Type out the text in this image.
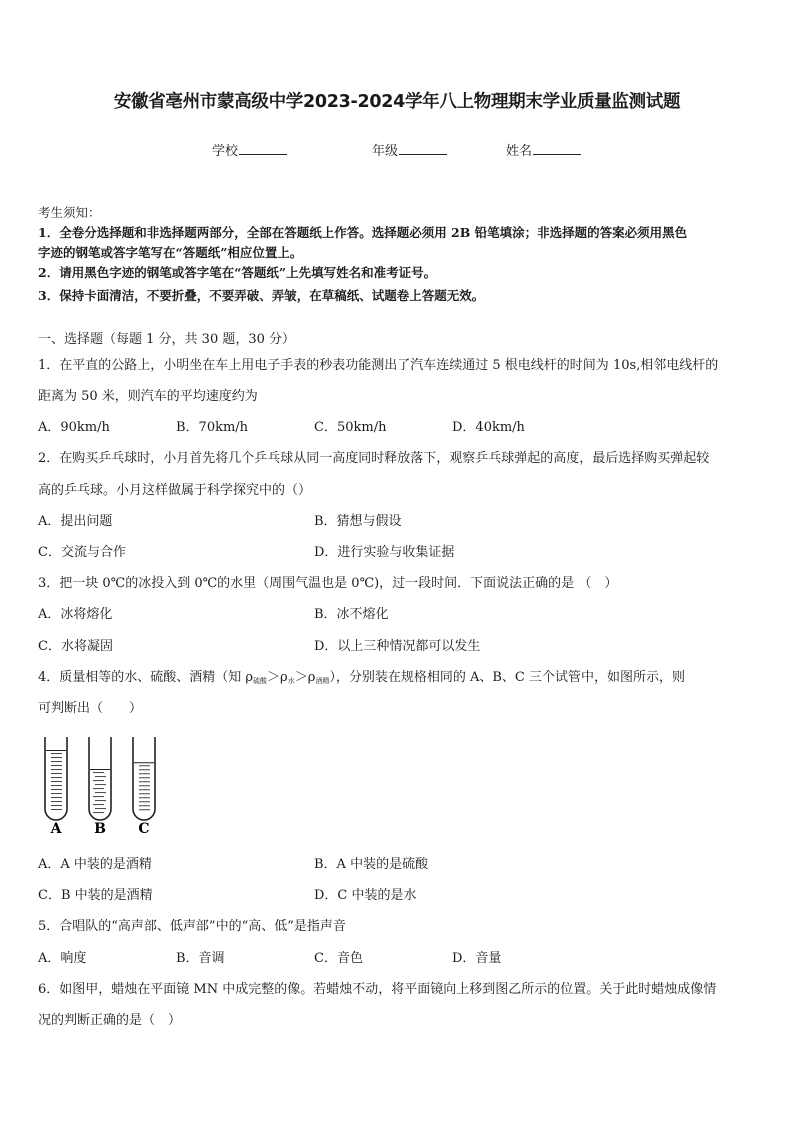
安徽省亳州市蒙高级中学2023-2024学年八上物理期末学业质量监测试题
学校	年级	姓名
考生须知：
1．全卷分选择题和非选择题两部分，全部在答题纸上作答。选择题必须用 2B 铅笔填涂；非选择题的答案必须用黑色
字迹的钢笔或答字笔写在“答题纸”相应位置上。
2．请用黑色字迹的钢笔或答字笔在“答题纸”上先填写姓名和准考证号。
3．保持卡面清洁，不要折叠，不要弄破、弄皱，在草稿纸、试题卷上答题无效。
一、选择题（每题 1 分，共 30 题，30 分）
1．在平直的公路上，小明坐在车上用电子手表的秒表功能测出了汽车连续通过 5 根电线杆的时间为 10s,相邻电线杆的
距离为 50 米，则汽车的平均速度约为
A．90km/h	B．70km/h	C．50km/h	D．40km/h
2．在购买乒乓球时，小月首先将几个乒乓球从同一高度同时释放落下，观察乒乓球弹起的高度，最后选择购买弹起较
高的乒乓球。小月这样做属于科学探究中的（）
A．提出问题	B．猜想与假设
C．交流与合作	D．进行实验与收集证据
3．把一块 0℃的冰投入到 0℃的水里（周围气温也是 0℃)，过一段时间．下面说法正确的是 （　）
A．冰将熔化	B．冰不熔化
C．水将凝固	D．以上三种情况都可以发生
4．质量相等的水、硫酸、酒精（知 $\rho_{硫酸}>\rho_水>\rho_{酒精}$），分别装在规格相同的 A、B、C 三个试管中，如图所示，则
可判断出（　　）
A B C
A．A 中装的是酒精	B．A 中装的是硫酸
C．B 中装的是酒精	D．C 中装的是水
5．合唱队的“高声部、低声部”中的“高、低”是指声音
A．响度	B．音调	C．音色	D．音量
6．如图甲，蜡烛在平面镜 MN 中成完整的像。若蜡烛不动，将平面镜向上移到图乙所示的位置。关于此时蜡烛成像情
况的判断正确的是（　）
